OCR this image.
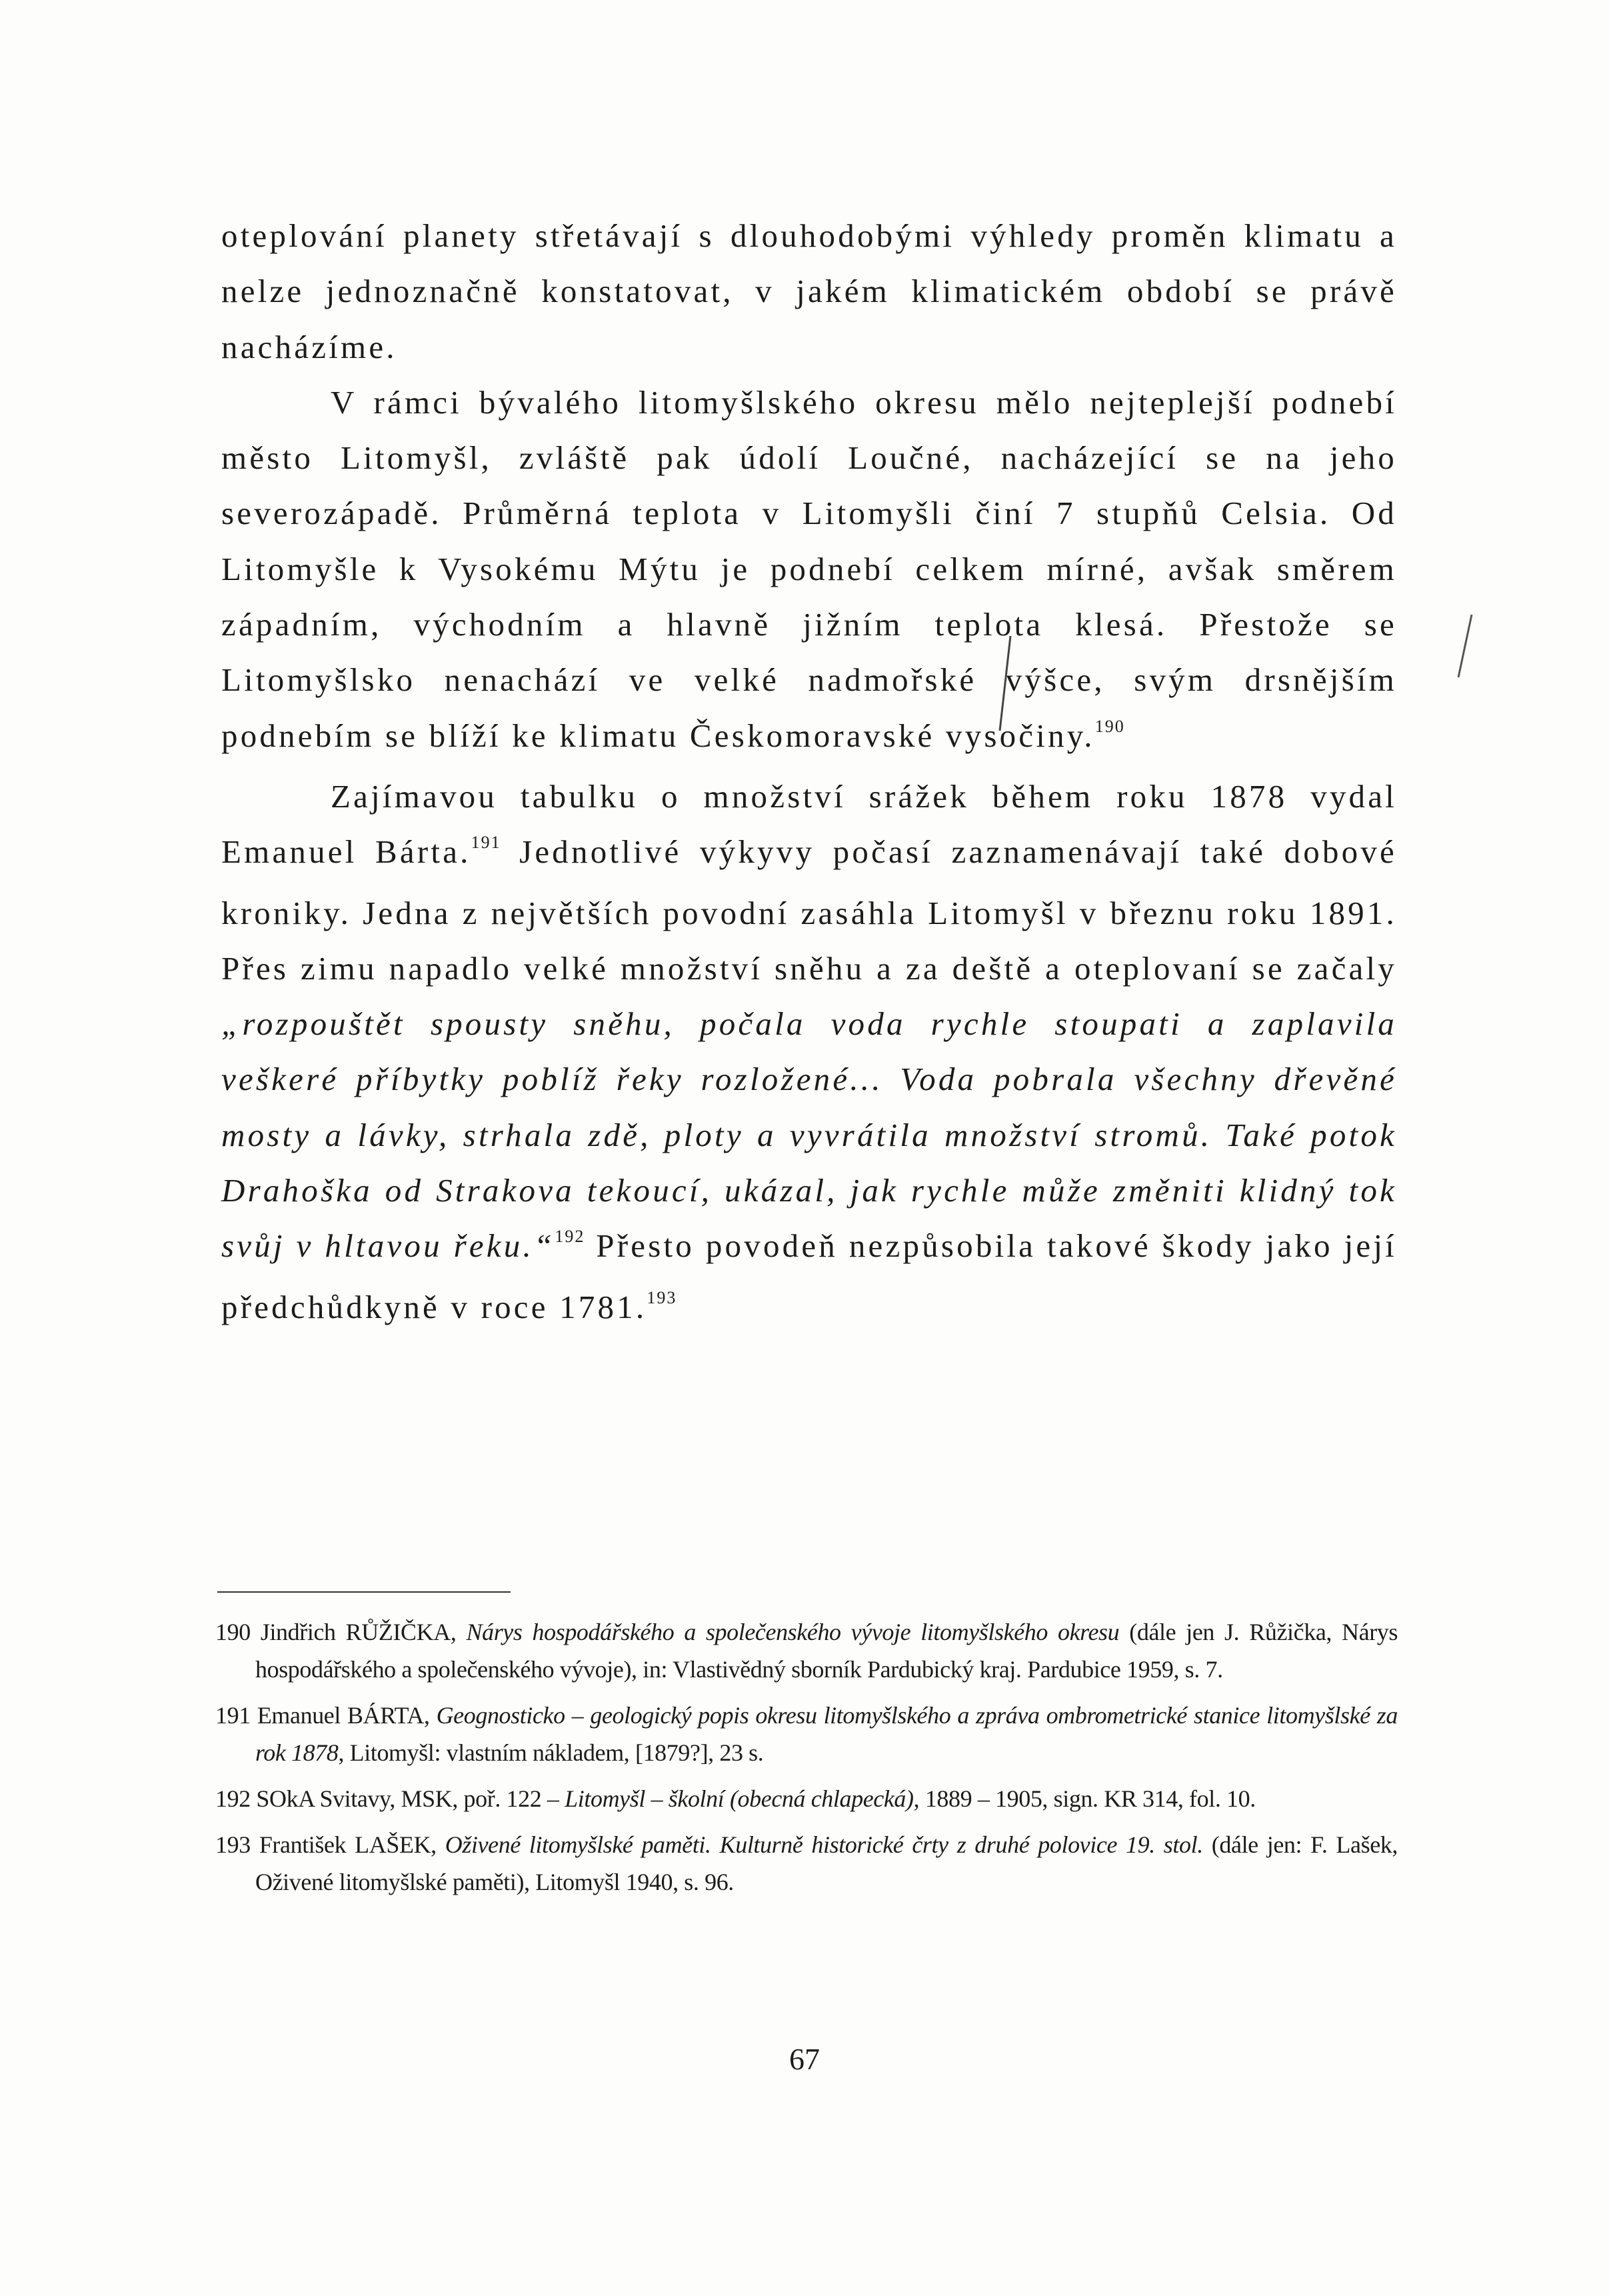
oteplování planety střetávají s dlouhodobými výhledy proměn klimatu a nelze jednoznačně konstatovat, v jakém klimatickém období se právě nacházíme.

V rámci bývalého litomyšlského okresu mělo nejteplejší podnebí město Litomyšl, zvláště pak údolí Loučné, nacházející se na jeho severozápadě. Průměrná teplota v Litomyšli činí 7 stupňů Celsia. Od Litomyšle k Vysokému Mýtu je podnebí celkem mírné, avšak směrem západním, východním a hlavně jižním teplota klesá. Přestože se Litomyšlsko nenachází ve velké nadmořské výšce, svým drsnějším podnebím se blíží ke klimatu Českomoravské vysočiny.$^{190}$

Zajímavou tabulku o množství srážek během roku 1878 vydal Emanuel Bárta.$^{191}$ Jednotlivé výkyvy počasí zaznamenávají také dobové kroniky. Jedna z největších povodní zasáhla Litomyšl v březnu roku 1891. Přes zimu napadlo velké množství sněhu a za deště a oteplovaní se začaly „rozpouštět spousty sněhu, počala voda rychle stoupati a zaplavila veškeré příbytky poblíž řeky rozložené... Voda pobrala všechny dřevěné mosty a lávky, strhala zdě, ploty a vyvrátila množství stromů. Také potok Drahoška od Strakova tekoucí, ukázal, jak rychle může změniti klidný tok svůj v hltavou řeku.“$^{192}$ Přesto povodeň nezpůsobila takové škody jako její předchůdkyně v roce 1781.$^{193}$

190 Jindřich RŮŽIČKA, Nárys hospodářského a společenského vývoje litomyšlského okresu (dále jen J. Růžička, Nárys hospodářského a společenského vývoje), in: Vlastivědný sborník Pardubický kraj. Pardubice 1959, s. 7.

191 Emanuel BÁRTA, Geognosticko – geologický popis okresu litomyšlského a zpráva ombrometrické stanice litomyšlské za rok 1878, Litomyšl: vlastním nákladem, [1879?], 23 s.

192 SOkA Svitavy, MSK, poř. 122 – Litomyšl – školní (obecná chlapecká), 1889 – 1905, sign. KR 314, fol. 10.

193 František LAŠEK, Oživené litomyšlské paměti. Kulturně historické črty z druhé polovice 19. stol. (dále jen: F. Lašek, Oživené litomyšlské paměti), Litomyšl 1940, s. 96.

67
